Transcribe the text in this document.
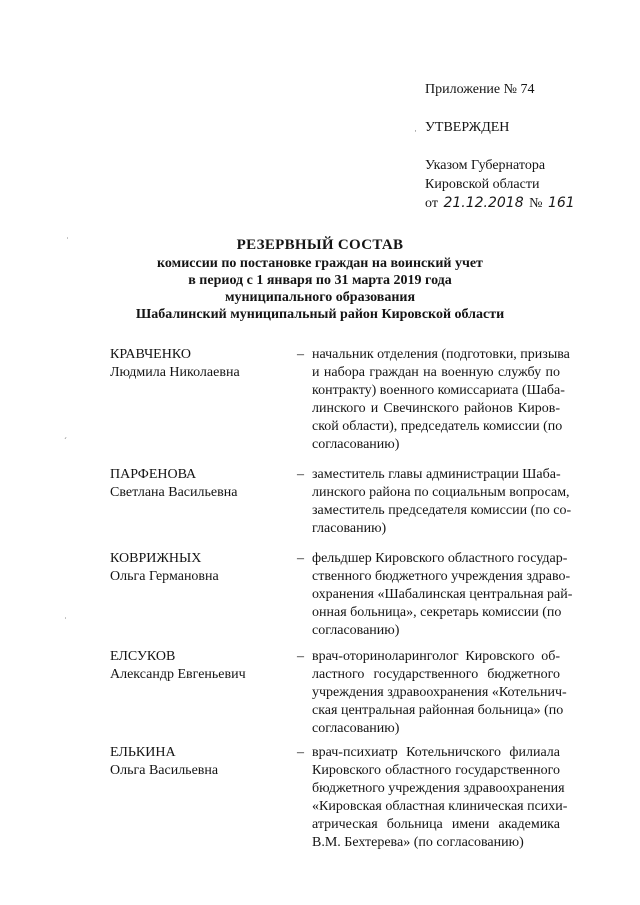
Приложение № 74
УТВЕРЖДЕН
Указом Губернатора
Кировской области
от 21.12.2018 № 161
РЕЗЕРВНЫЙ СОСТАВ
комиссии по постановке граждан на воинский учет
в период с 1 января по 31 марта 2019 года
муниципального образования
Шабалинский муниципальный район Кировской области
КРАВЧЕНКО
Людмила Николаевна
– начальник отделения (подготовки, призыва
и набора граждан на военную службу по
контракту) военного комиссариата (Шаба-
линского и Свечинского районов Киров-
ской области), председатель комиссии (по
согласованию)
ПАРФЕНОВА
Светлана Васильевна
– заместитель главы администрации Шаба-
линского района по социальным вопросам,
заместитель председателя комиссии (по со-
гласованию)
КОВРИЖНЫХ
Ольга Германовна
– фельдшер Кировского областного государ-
ственного бюджетного учреждения здраво-
охранения «Шабалинская центральная рай-
онная больница», секретарь комиссии (по
согласованию)
ЕЛСУКОВ
Александр Евгеньевич
– врач-оториноларинголог Кировского об-
ластного государственного бюджетного
учреждения здравоохранения «Котельнич-
ская центральная районная больница» (по
согласованию)
ЕЛЬКИНА
Ольга Васильевна
– врач-психиатр Котельничского филиала
Кировского областного государственного
бюджетного учреждения здравоохранения
«Кировская областная клиническая психи-
атрическая больница имени академика
В.М. Бехтерева» (по согласованию)
˙
´
˙
·
